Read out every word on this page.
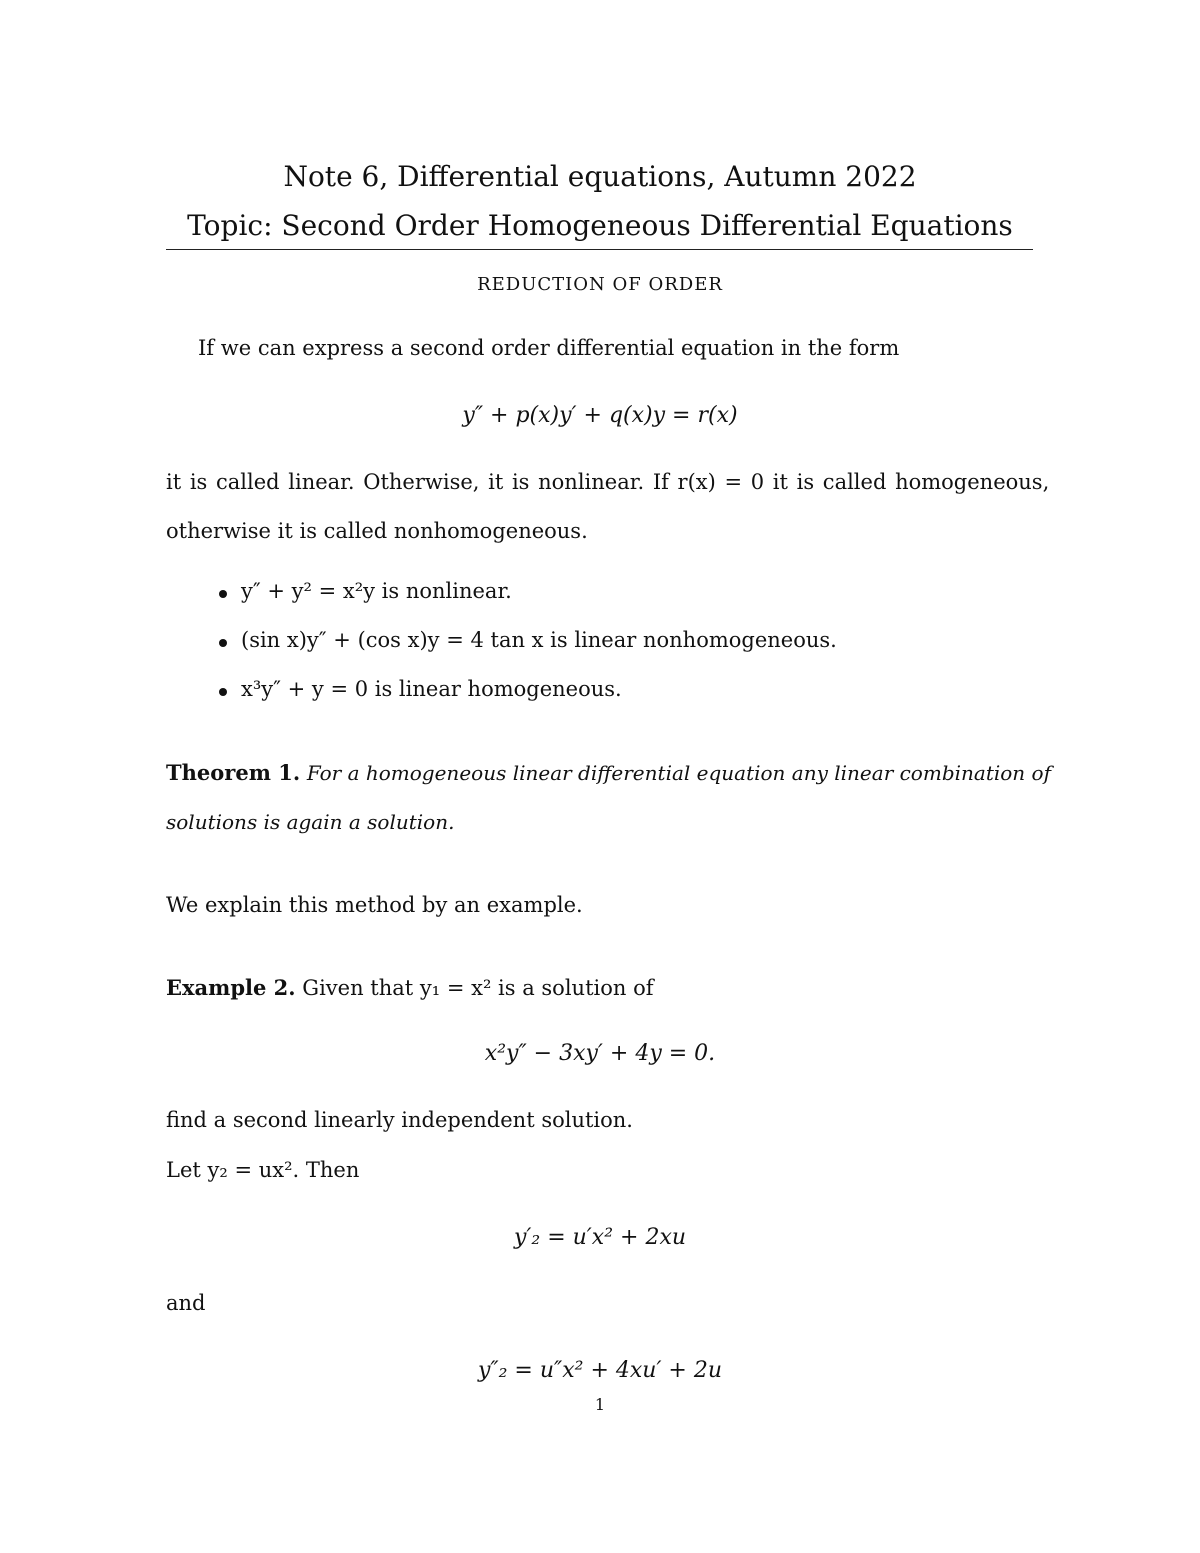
Note 6, Differential equations, Autumn 2022
Topic: Second Order Homogeneous Differential Equations
REDUCTION OF ORDER
If we can express a second order differential equation in the form
y″ + p(x)y′ + q(x)y = r(x)
it is called linear. Otherwise, it is nonlinear. If r(x) = 0 it is called homogeneous,
otherwise it is called nonhomogeneous.
y″ + y² = x²y is nonlinear.
(sin x)y″ + (cos x)y = 4 tan x is linear nonhomogeneous.
x³y″ + y = 0 is linear homogeneous.
Theorem 1. For a homogeneous linear differential equation any linear combination of
solutions is again a solution.
We explain this method by an example.
Example 2. Given that y₁ = x² is a solution of
x²y″ − 3xy′ + 4y = 0.
find a second linearly independent solution.
Let y₂ = ux². Then
y′₂ = u′x² + 2xu
and
y″₂ = u″x² + 4xu′ + 2u
1
